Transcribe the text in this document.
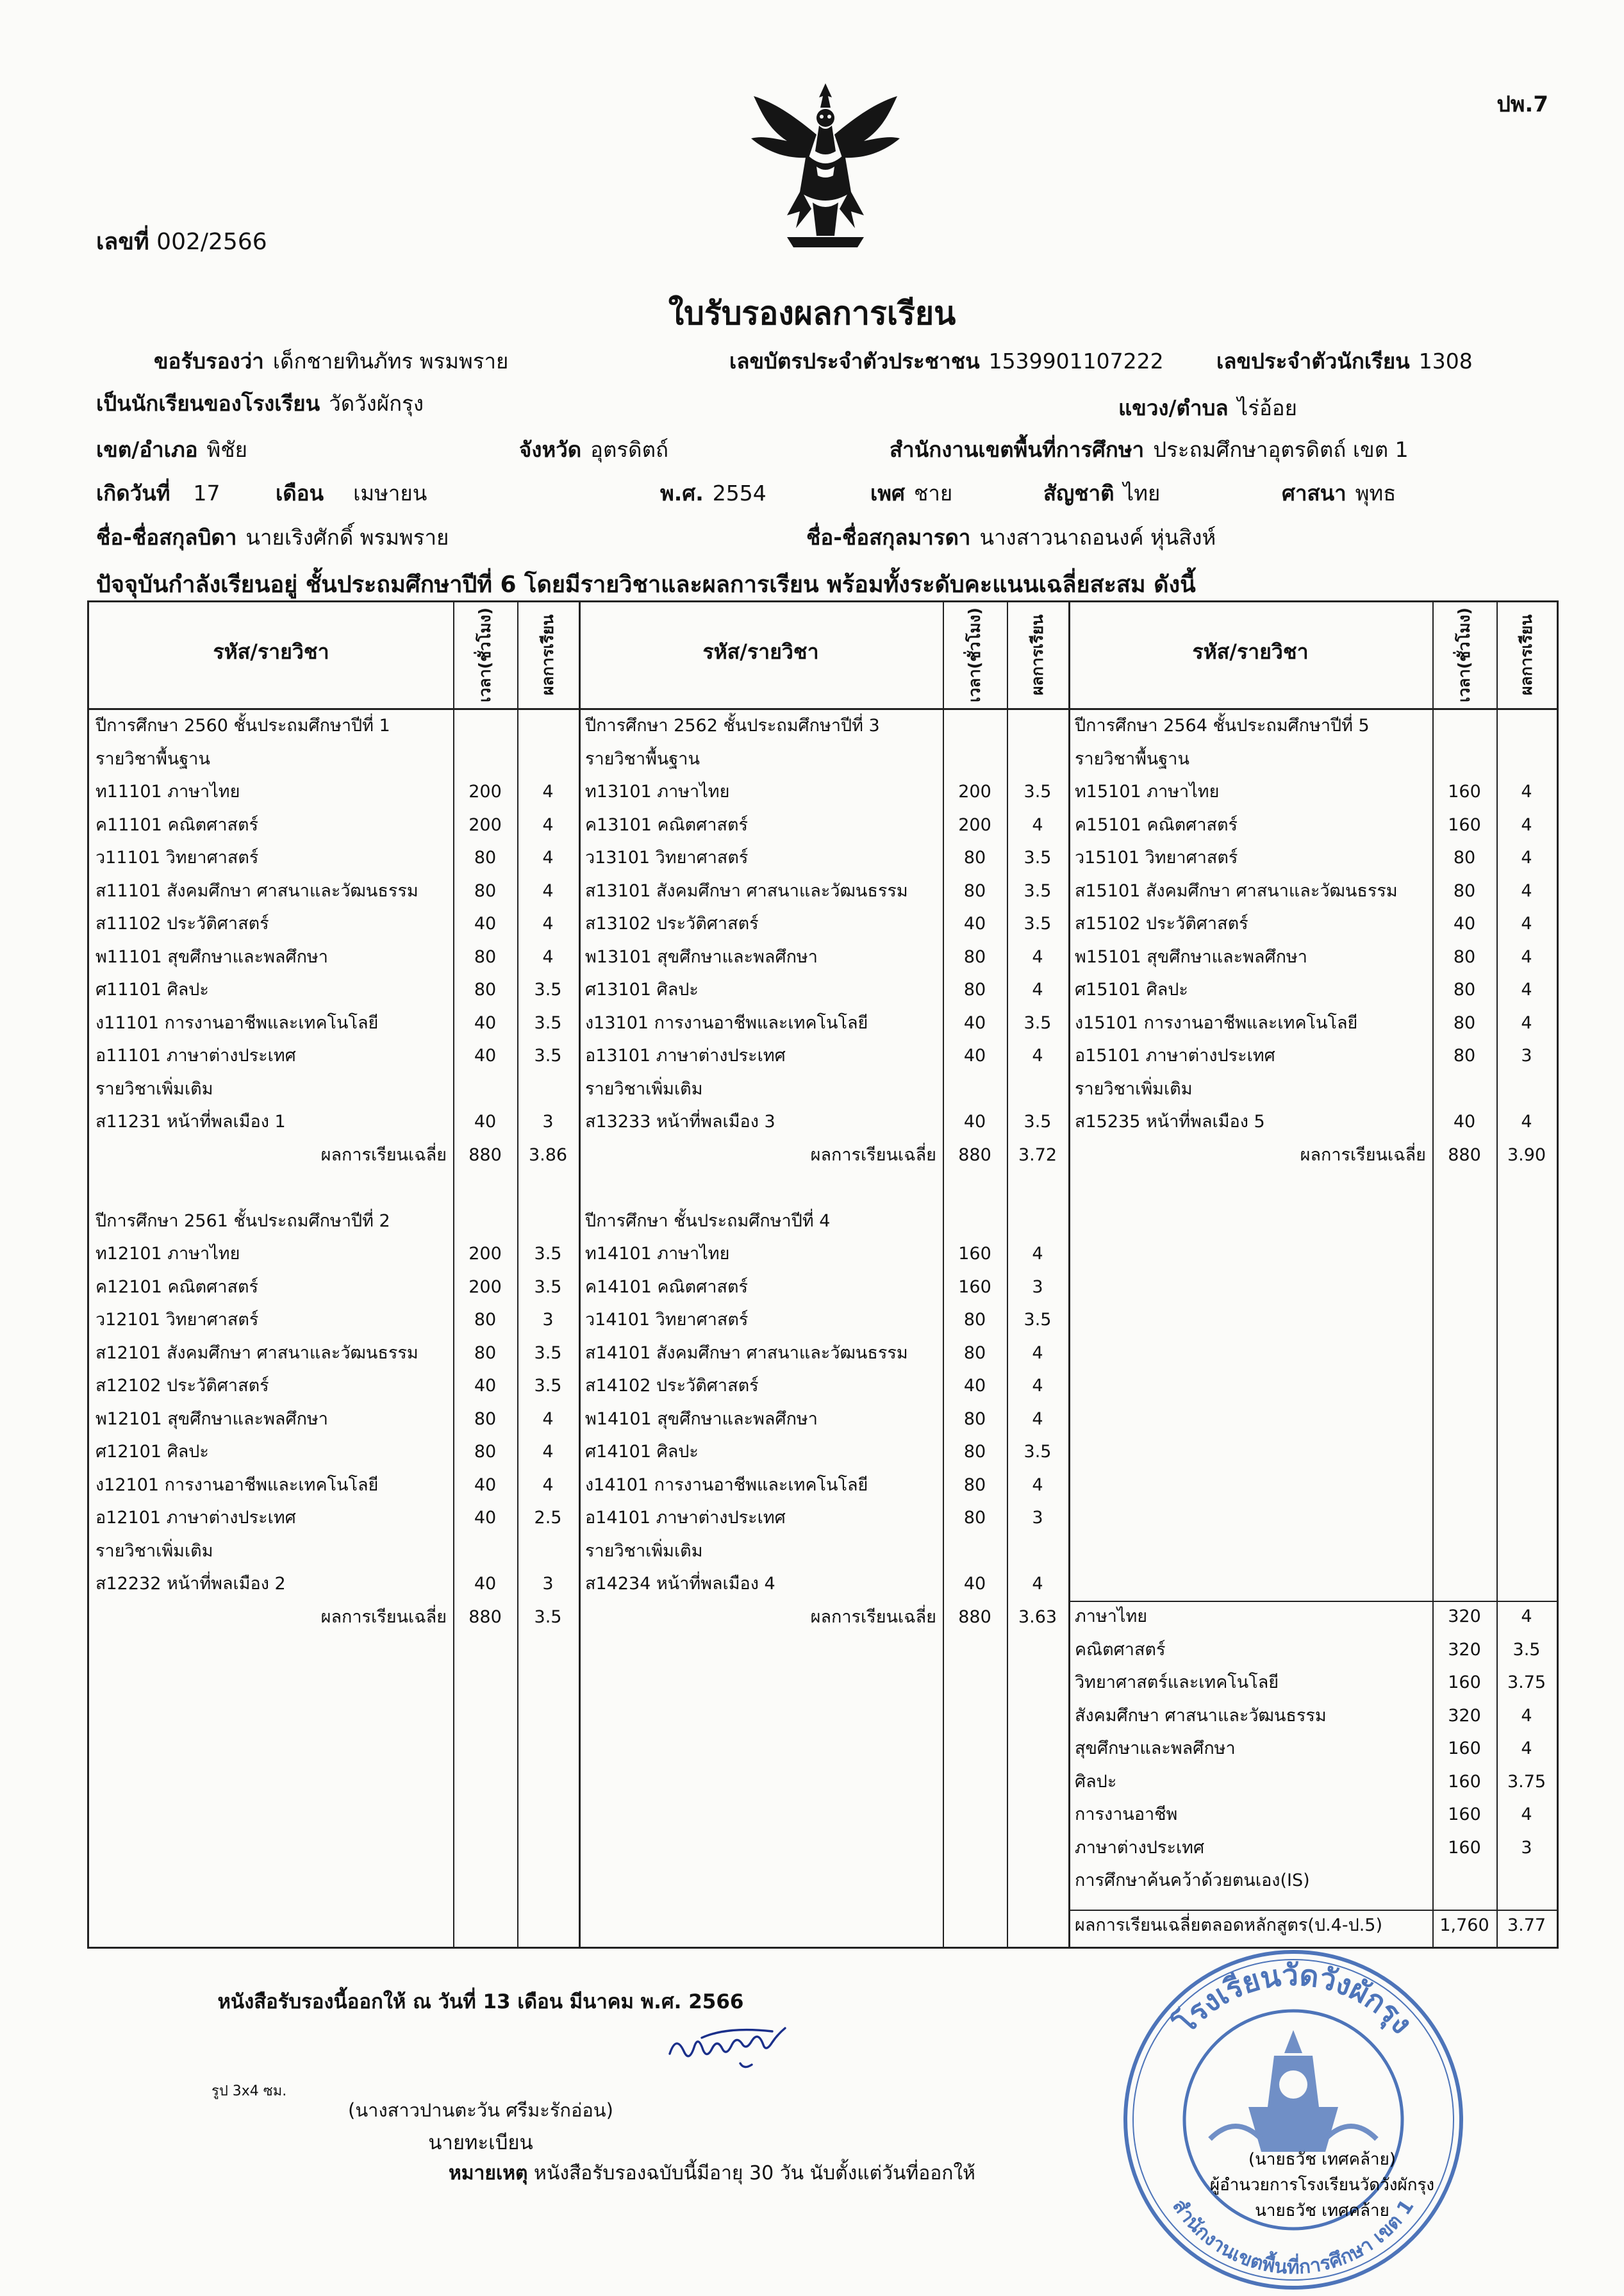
ปพ.7
เลขที่ 002/2566
ใบรับรองผลการเรียน
ขอรับรองว่า เด็กชายทินภัทร พรมพราย	เลขบัตรประจำตัวประชาชน 1539901107222 เลขประจำตัวนักเรียน 1308
เป็นนักเรียนของโรงเรียน วัดวังผักรุง	แขวง/ตำบล ไร่อ้อย
เขต/อำเภอ พิชัย	จังหวัด อุตรดิตถ์	สำนักงานเขตพื้นที่การศึกษา ประถมศึกษาอุตรดิตถ์ เขต 1
เกิดวันที่ 17	เดือน เมษายน	พ.ศ. 2554	เพศ ชาย	สัญชาติ ไทย	ศาสนา พุทธ
ชื่อ-ชื่อสกุลบิดา นายเริงศักดิ์ พรมพราย	ชื่อ-ชื่อสกุลมารดา นางสาวนาถอนงค์ หุ่นสิงห์
ปัจจุบันกำลังเรียนอยู่ ชั้นประถมศึกษาปีที่ 6 โดยมีรายวิชาและผลการเรียน พร้อมทั้งระดับคะแนนเฉลี่ยสะสม ดังนี้
รหัส/รายวิชา	เวลา(ชั่วโมง)	ผลการเรียน	รหัส/รายวิชา	เวลา(ชั่วโมง)	ผลการเรียน	รหัส/รายวิชา	เวลา(ชั่วโมง)	ผลการเรียน
ปีการศึกษา 2560 ชั้นประถมศึกษาปีที่ 1
รายวิชาพื้นฐาน
ท11101 ภาษาไทย	200	4
ค11101 คณิตศาสตร์	200	4
ว11101 วิทยาศาสตร์	80	4
ส11101 สังคมศึกษา ศาสนาและวัฒนธรรม	80	4
ส11102 ประวัติศาสตร์	40	4
พ11101 สุขศึกษาและพลศึกษา	80	4
ศ11101 ศิลปะ	80	3.5
ง11101 การงานอาชีพและเทคโนโลยี	40	3.5
อ11101 ภาษาต่างประเทศ	40	3.5
รายวิชาเพิ่มเติม
ส11231 หน้าที่พลเมือง 1	40	3
ผลการเรียนเฉลี่ย	880	3.86
ปีการศึกษา 2561 ชั้นประถมศึกษาปีที่ 2
ท12101 ภาษาไทย	200	3.5
ค12101 คณิตศาสตร์	200	3.5
ว12101 วิทยาศาสตร์	80	3
ส12101 สังคมศึกษา ศาสนาและวัฒนธรรม	80	3.5
ส12102 ประวัติศาสตร์	40	3.5
พ12101 สุขศึกษาและพลศึกษา	80	4
ศ12101 ศิลปะ	80	4
ง12101 การงานอาชีพและเทคโนโลยี	40	4
อ12101 ภาษาต่างประเทศ	40	2.5
รายวิชาเพิ่มเติม
ส12232 หน้าที่พลเมือง 2	40	3
ผลการเรียนเฉลี่ย	880	3.5
ปีการศึกษา 2562 ชั้นประถมศึกษาปีที่ 3
รายวิชาพื้นฐาน
ท13101 ภาษาไทย	200	3.5
ค13101 คณิตศาสตร์	200	4
ว13101 วิทยาศาสตร์	80	3.5
ส13101 สังคมศึกษา ศาสนาและวัฒนธรรม	80	3.5
ส13102 ประวัติศาสตร์	40	3.5
พ13101 สุขศึกษาและพลศึกษา	80	4
ศ13101 ศิลปะ	80	4
ง13101 การงานอาชีพและเทคโนโลยี	40	3.5
อ13101 ภาษาต่างประเทศ	40	4
รายวิชาเพิ่มเติม
ส13233 หน้าที่พลเมือง 3	40	3.5
ผลการเรียนเฉลี่ย	880	3.72
ปีการศึกษา ชั้นประถมศึกษาปีที่ 4
ท14101 ภาษาไทย	160	4
ค14101 คณิตศาสตร์	160	3
ว14101 วิทยาศาสตร์	80	3.5
ส14101 สังคมศึกษา ศาสนาและวัฒนธรรม	80	4
ส14102 ประวัติศาสตร์	40	4
พ14101 สุขศึกษาและพลศึกษา	80	4
ศ14101 ศิลปะ	80	3.5
ง14101 การงานอาชีพและเทคโนโลยี	80	4
อ14101 ภาษาต่างประเทศ	80	3
รายวิชาเพิ่มเติม
ส14234 หน้าที่พลเมือง 4	40	4
ผลการเรียนเฉลี่ย	880	3.63
ปีการศึกษา 2564 ชั้นประถมศึกษาปีที่ 5
รายวิชาพื้นฐาน
ท15101 ภาษาไทย	160	4
ค15101 คณิตศาสตร์	160	4
ว15101 วิทยาศาสตร์	80	4
ส15101 สังคมศึกษา ศาสนาและวัฒนธรรม	80	4
ส15102 ประวัติศาสตร์	40	4
พ15101 สุขศึกษาและพลศึกษา	80	4
ศ15101 ศิลปะ	80	4
ง15101 การงานอาชีพและเทคโนโลยี	80	4
อ15101 ภาษาต่างประเทศ	80	3
รายวิชาเพิ่มเติม
ส15235 หน้าที่พลเมือง 5	40	4
ผลการเรียนเฉลี่ย	880	3.90
ภาษาไทย	320	4
คณิตศาสตร์	320	3.5
วิทยาศาสตร์และเทคโนโลยี	160	3.75
สังคมศึกษา ศาสนาและวัฒนธรรม	320	4
สุขศึกษาและพลศึกษา	160	4
ศิลปะ	160	3.75
การงานอาชีพ	160	4
ภาษาต่างประเทศ	160	3
การศึกษาค้นคว้าด้วยตนเอง(IS)
ผลการเรียนเฉลี่ยตลอดหลักสูตร(ป.4-ป.5)	1,760 3.77
หนังสือรับรองนี้ออกให้ ณ วันที่ 13 เดือน มีนาคม พ.ศ. 2566
รูป 3x4 ซม.
(นางสาวปานตะวัน ศรีมะรักอ่อน)
นายทะเบียน
หมายเหตุ หนังสือรับรองฉบับนี้มีอายุ 30 วัน นับตั้งแต่วันที่ออกให้
โรงเรียนวัดวังผักรุง
สำนักงานเขตพื้นที่การศึกษา เขต 1
(นายธวัช เทศคล้าย)
ผู้อำนวยการโรงเรียนวัดวังผักรุง
นายธวัช เทศคล้าย
